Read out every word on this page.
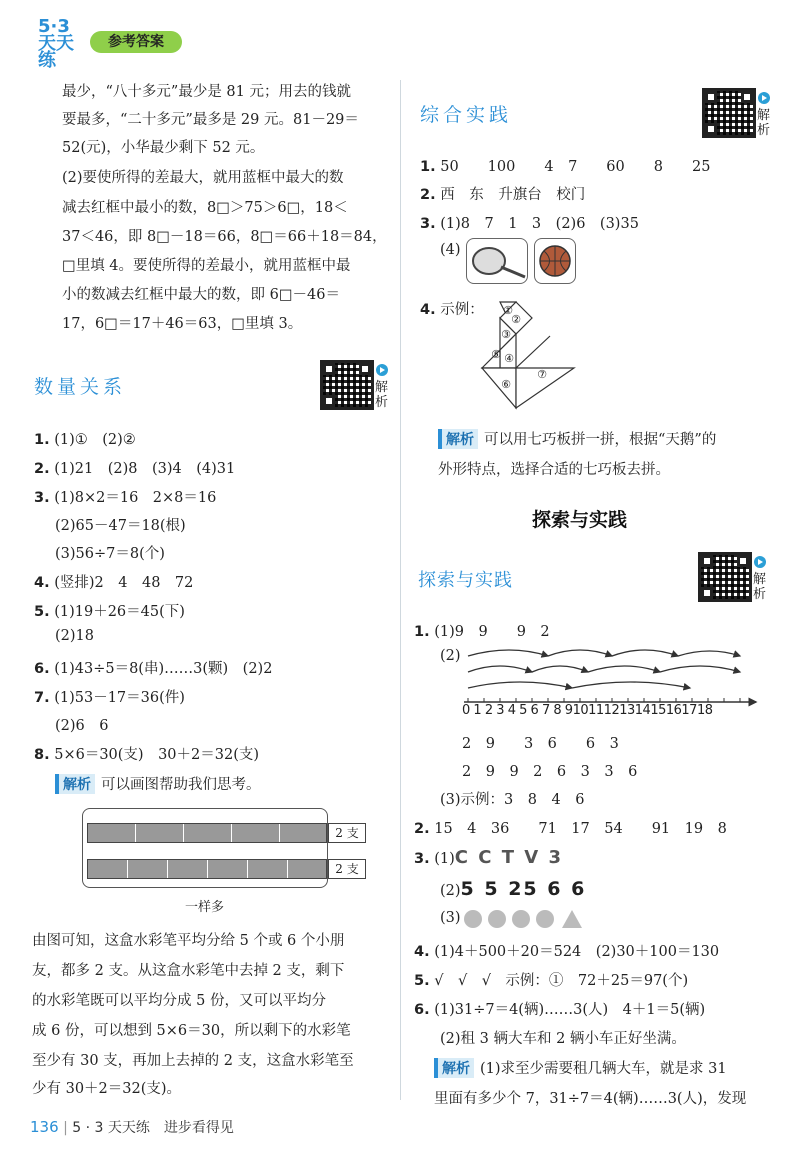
5·3 天天练
参考答案
最少，“八十多元”最少是 81 元；用去的钱就
要最多，“二十多元”最多是 29 元。81－29＝
52(元)，小华最少剩下 52 元。
(2)要使所得的差最大，就用蓝框中最大的数
减去红框中最小的数，8□＞75＞6□，18＜
37＜46，即 8□－18＝66，8□＝66＋18＝84，
□里填 4。要使所得的差最小，就用蓝框中最
小的数减去红框中最大的数，即 6□－46＝
17，6□＝17＋46＝63，□里填 3。
数量关系	解析
1. (1)①　(2)②
2. (1)21　(2)8　(3)4　(4)31
3. (1)8×2＝16　2×8＝16
(2)65－47＝18(根)
(3)56÷7＝8(个)
4. (竖排)2　4　48　72
5. (1)19＋26＝45(下)
(2)18
6. (1)43÷5＝8(串)……3(颗)　(2)2
7. (1)53－17＝36(件)
(2)6　6
8. 5×6＝30(支)　30＋2＝32(支)
解析 可以画图帮助我们思考。
2 支
2 支
一样多
由图可知，这盒水彩笔平均分给 5 个或 6 个小朋
友，都多 2 支。从这盒水彩笔中去掉 2 支，剩下
的水彩笔既可以平均分成 5 份，又可以平均分
成 6 份，可以想到 5×6＝30，所以剩下的水彩笔
至少有 30 支，再加上去掉的 2 支，这盒水彩笔至
少有 30＋2＝32(支)。
综合实践	解析
1. 50　　100　　4　7　　60　　8　　25
2. 西　东　升旗台　校门
3. (1)8　7　1　3　(2)6　(3)35
(4)
4. 示例： ①
②
③
④
⑤
⑥
⑦
解析 可以用七巧板拼一拼，根据“天鹅”的
外形特点，选择合适的七巧板去拼。
探索与实践
探索与实践	解析
1. (1)9　9　　9　2
(2)
0 1 2 3 4 5 6 7 8 9101112131415161718
2　9　　3　6　　6　3
2　9　9　2　6　3　3　6
(3)示例：3　8　4　6
2. 15　4　36　　71　17　54　　91　19　8
3. (1)C C T V 3
(2)5 5 25 6 6
(3)
4. (1)4＋500＋20＝524　(2)30＋100＝130
5. √　√　√　示例：①　72＋25＝97(个)
6. (1)31÷7＝4(辆)……3(人)　4＋1＝5(辆)
(2)租 3 辆大车和 2 辆小车正好坐满。
解析 (1)求至少需要租几辆大车，就是求 31
里面有多少个 7，31÷7＝4(辆)……3(人)，发现
136 | 5 · 3 天天练　进步看得见
